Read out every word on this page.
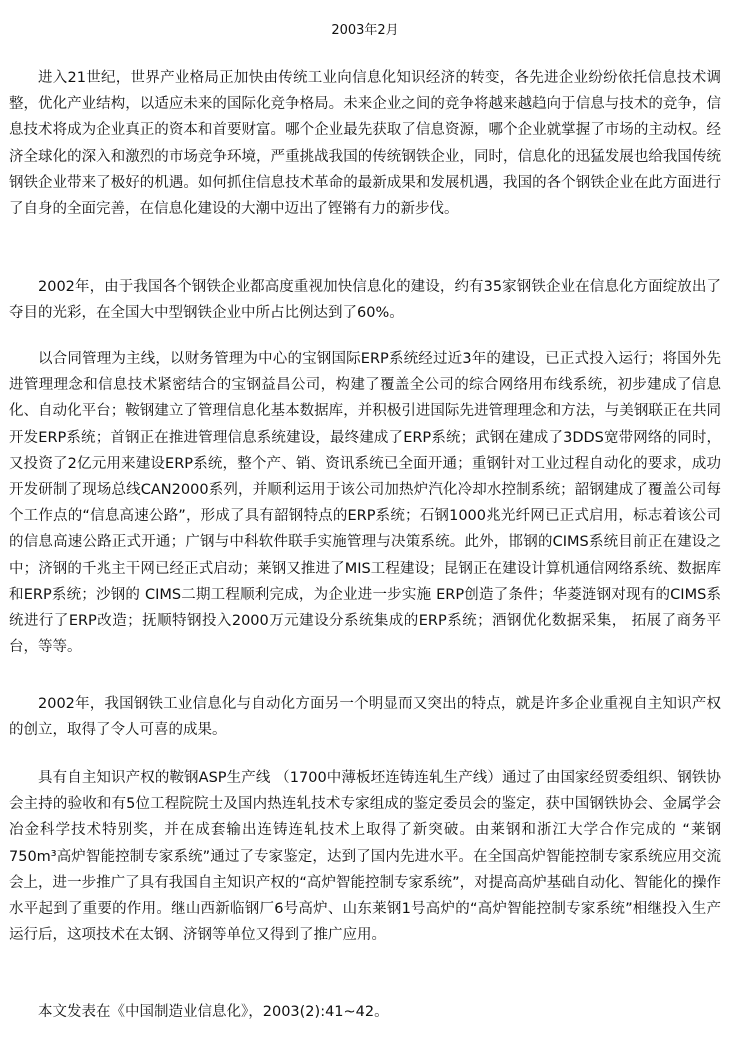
2003年2月

进入21世纪，世界产业格局正加快由传统工业向信息化知识经济的转变，各先进企业纷纷依托信息技术调整，优化产业结构，以适应未来的国际化竞争格局。未来企业之间的竞争将越来越趋向于信息与技术的竞争，信息技术将成为企业真正的资本和首要财富。哪个企业最先获取了信息资源，哪个企业就掌握了市场的主动权。经济全球化的深入和激烈的市场竞争环境，严重挑战我国的传统钢铁企业，同时，信息化的迅猛发展也给我国传统钢铁企业带来了极好的机遇。如何抓住信息技术革命的最新成果和发展机遇，我国的各个钢铁企业在此方面进行了自身的全面完善，在信息化建设的大潮中迈出了铿锵有力的新步伐。

2002年，由于我国各个钢铁企业都高度重视加快信息化的建设，约有35家钢铁企业在信息化方面绽放出了夺目的光彩，在全国大中型钢铁企业中所占比例达到了60%。

以合同管理为主线，以财务管理为中心的宝钢国际ERP系统经过近3年的建设，已正式投入运行；将国外先进管理理念和信息技术紧密结合的宝钢益昌公司，构建了覆盖全公司的综合网络用布线系统，初步建成了信息化、自动化平台；鞍钢建立了管理信息化基本数据库，并积极引进国际先进管理理念和方法，与美钢联正在共同开发ERP系统；首钢正在推进管理信息系统建设，最终建成了ERP系统；武钢在建成了3DDS宽带网络的同时，又投资了2亿元用来建设ERP系统，整个产、销、资讯系统已全面开通；重钢针对工业过程自动化的要求，成功开发研制了现场总线CAN2000系列，并顺利运用于该公司加热炉汽化冷却水控制系统；韶钢建成了覆盖公司每个工作点的“信息高速公路”，形成了具有韶钢特点的ERP系统；石钢1000兆光纤网已正式启用，标志着该公司的信息高速公路正式开通；广钢与中科软件联手实施管理与决策系统。此外，邯钢的CIMS系统目前正在建设之中；济钢的千兆主干网已经正式启动；莱钢又推进了MIS工程建设；昆钢正在建设计算机通信网络系统、数据库和ERP系统；沙钢的 CIMS二期工程顺利完成，为企业进一步实施 ERP创造了条件；华菱涟钢对现有的CIMS系统进行了ERP改造；抚顺特钢投入2000万元建设分系统集成的ERP系统；酒钢优化数据采集， 拓展了商务平台，等等。

2002年，我国钢铁工业信息化与自动化方面另一个明显而又突出的特点，就是许多企业重视自主知识产权的创立，取得了令人可喜的成果。

具有自主知识产权的鞍钢ASP生产线 （1700中薄板坯连铸连轧生产线）通过了由国家经贸委组织、钢铁协会主持的验收和有5位工程院院士及国内热连轧技术专家组成的鉴定委员会的鉴定，获中国钢铁协会、金属学会冶金科学技术特别奖，并在成套输出连铸连轧技术上取得了新突破。由莱钢和浙江大学合作完成的 “莱钢750m³高炉智能控制专家系统”通过了专家鉴定，达到了国内先进水平。在全国高炉智能控制专家系统应用交流会上，进一步推广了具有我国自主知识产权的“高炉智能控制专家系统”，对提高高炉基础自动化、智能化的操作水平起到了重要的作用。继山西新临钢厂6号高炉、山东莱钢1号高炉的“高炉智能控制专家系统”相继投入生产运行后，这项技术在太钢、济钢等单位又得到了推广应用。

本文发表在《中国制造业信息化》，2003(2):41~42。
